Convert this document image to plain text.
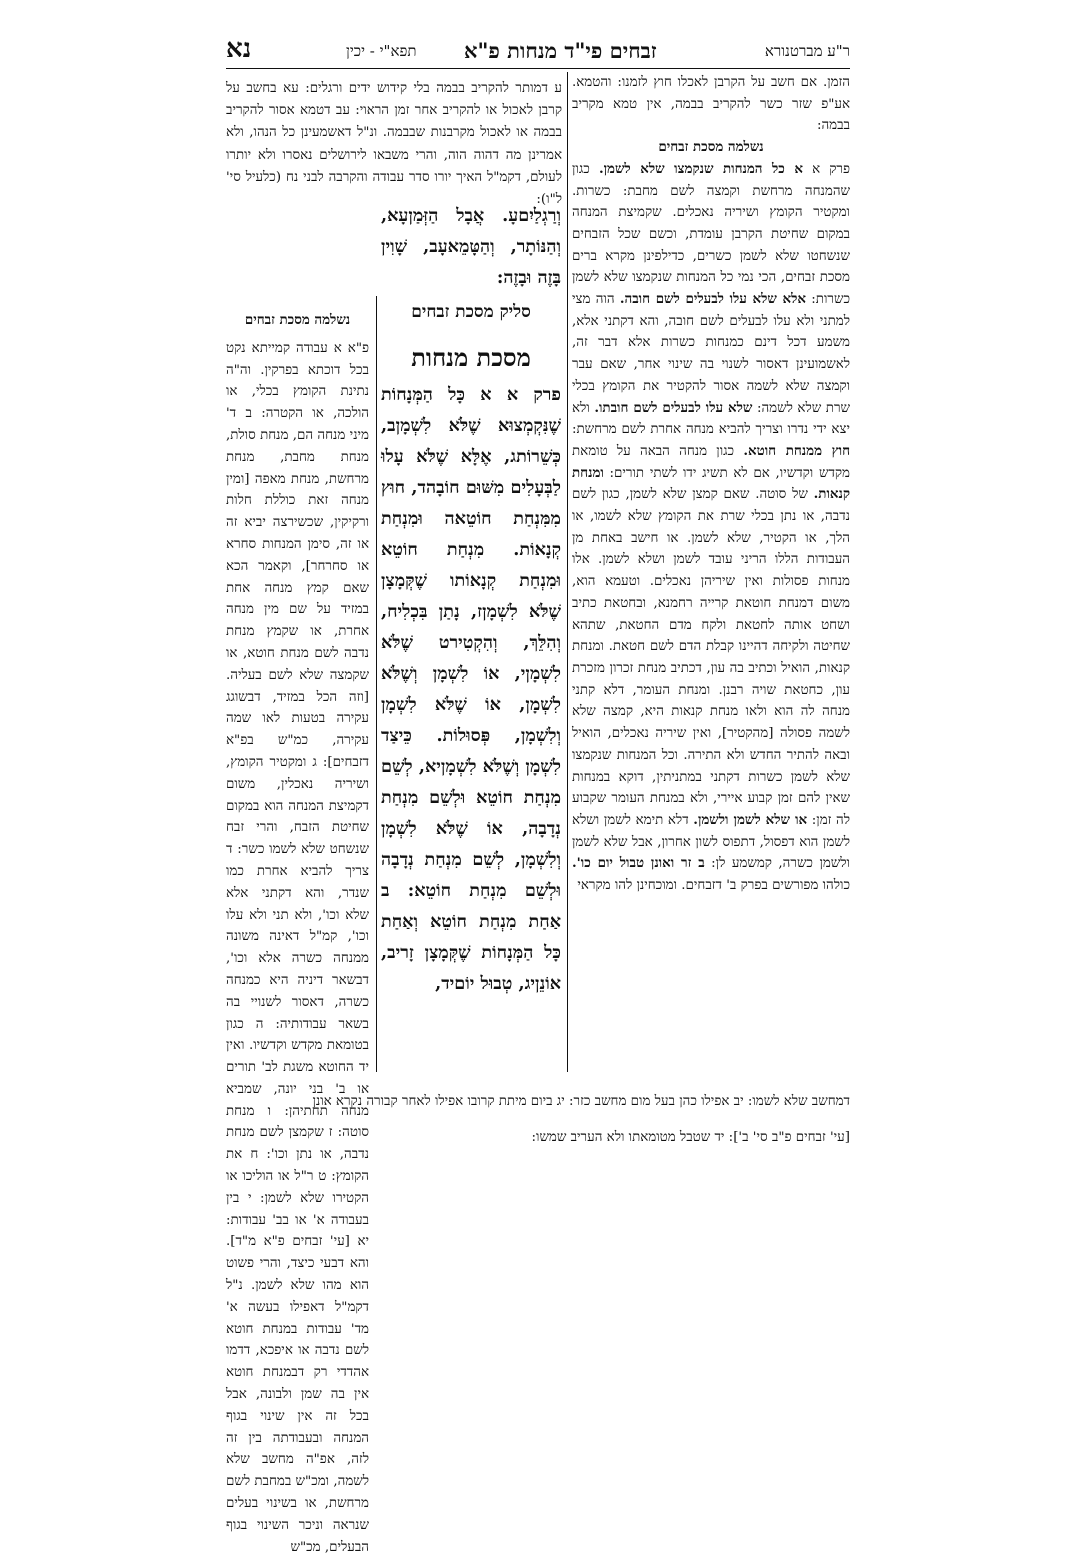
נא	תפא"י - יכין זבחים פי"ד מנחות פ"א	ר"ע מברטנורא

הזמן. אם חשב על הקרבן לאכלו חוץ לזמנו: והטמא. אע"פ שזר כשר להקריב בבמה, אין טמא מקריב בבמה:

נשלמה מסכת זבחים

פרק א א כל המנחות שנקמצו שלא לשמן. כגון שהמנחה מרחשת וקמצה לשם מחבת: כשרות. ומקטיר הקומץ ושיריה נאכלים. שקמיצת המנחה במקום שחיטת הקרבן עומדת, וכשם שכל הזבחים שנשחטו שלא לשמן כשרים, כדילפינן מקרא ברים מסכת זבחים, הכי נמי כל המנחות שנקמצו שלא לשמן כשרות: אלא שלא עלו לבעלים לשם חובה. הוה מצי למתני ולא עלו לבעלים לשם חובה, והא דקתני אלא, משמע דכל דינם כמנחות כשרות אלא דבר זה, לאשמועינן דאסור לשנוי בה שינוי אחר, שאם עבר וקמצה שלא לשמה אסור להקטיר את הקומץ בכלי שרת שלא לשמה: שלא עלו לבעלים לשם חובתו. ולא יצא ידי נדרו וצריך להביא מנחה אחרת לשם מרחשת: חוץ ממנחת חוטא. כגון מנחה הבאה על טומאת מקדש וקדשיו, אם לא תשיג ידו לשתי תורים: ומנחת קנאות. של סוטה. שאם קמצן שלא לשמן, כגון לשם נדבה, או נתן בכלי שרת את הקומץ שלא לשמו, או הלך, או הקטיר, שלא לשמן. או חישב באחת מן העבודות הללו הריני עובד לשמן ושלא לשמן. אלו מנחות פסולות ואין שיריהן נאכלים. וטעמא הוא, משום דמנחת חוטאת קרייה רחמנא, ובחטאת כתיב ושחט אותה לחטאת ולקח מדם החטאת, שתהא שחיטה ולקיחה דהיינו קבלת הדם לשם חטאת. ומנחת קנאות, הואיל וכתיב בה עון, דכתיב מנחת זכרון מזכרת עון, כחטאת שויה רבנן. ומנחת העומר, דלא קתני מנחה לה הוא ולאו מנחת קנאות היא, קמצה שלא לשמה פסולה [מהקטיר], ואין שיריה נאכלים, הואיל ובאה להתיר החדש ולא התירה. וכל המנחות שנקמצו שלא לשמן כשרות דקתני במתניתין, דוקא במנחות שאין להם זמן קבוע איירי, ולא במנחת העומר שקבוע לה זמן: או שלא לשמן ולשמן. דלא תימא לשמן ושלא לשמן הוא דפסול, דתפוס לשון אחרון, אבל שלא לשמן ולשמן כשרה, קמשמע לן: ב זר ואונן טבול יום כו'. כולהו מפורשים בפרק ב' דזבחים. ומוכחינן להו מקראי

ע דמותר להקריב בבמה בלי קידוש ידים ורגלים: עא בחשב על קרבן לאכול או להקריב אחר זמן הראוי: עב דטמא אסור להקריב בבמה או לאכול מקרבנות שבבמה. ונ"ל דאשמעינן כל הנהו, ולא אמרינן מה דהוה הוה, והרי משבאו לירושלים נאסרו ולא יותרו לעולם, דקמ"ל האיך יורו סדר עבודה והקרבה לבני נח (כלעיל סי' ל"ו):

וְרַגְלַיִםעָ. אֲבָל הַזְּמַןעָא, וְהַנּוֹתָר, וְהַטָּמֵאעָב, שָׁוִין בָּזֶה וּבָזֶה:

סליק מסכת זבחים

מסכת מנחות

פרק א א כָּל הַמְּנָחוֹת שֶׁנִּקְמְצוּא שֶׁלֹּא לִשְׁמָןב, כְּשֵׁרוֹתג, אֶלָּא שֶׁלֹּא עָלוּ לַבְּעָלִים מִשּׁוּם חוֹבָהד, חוּץ מִמִּנְחַת חוֹטֵאה וּמִנְחַת קְנָאוֹת. מִנְחַת חוֹטֵא וּמִנְחַת קְנָאוֹתו שֶׁקְּמָצָן שֶׁלֹּא לִשְׁמָןז, נָתַן בִּכְלִיח, וְהִלֵּךְ, וְהִקְטִירט שֶׁלֹּא לִשְׁמָןי, אוֹ לִשְׁמָן וְשֶׁלֹּא לִשְׁמָן, אוֹ שֶׁלֹּא לִשְׁמָן וְלִשְׁמָן, פְּסוּלוֹת. כֵּיצַד לִשְׁמָן וְשֶׁלֹּא לִשְׁמָןיא, לְשֵׁם מִנְחַת חוֹטֵא וּלְשֵׁם מִנְחַת נְדָבָה, אוֹ שֶׁלֹּא לִשְׁמָן וְלִשְׁמָן, לְשֵׁם מִנְחַת נְדָבָה וּלְשֵׁם מִנְחַת חוֹטֵא: ב אַחַת מִנְחַת חוֹטֵא וְאַחַת כָּל הַמְּנָחוֹת שֶׁקְּמָצָן זָריב, אוֹנֵןיג, טְבוּל יוֹםיד,

נשלמה מסכת זבחים

פ"א א עבודה קמייתא נקט בכל דוכתא בפרקין. וה"ה נתינת הקומץ בכלי, או הולכה, או הקטרה: ב ד' מיני מנחה הם, מנחת סולת, מנחת מחבת, מנחת מרחשת, מנחת מאפה [ומין מנחה זאת כוללת חלות ורקיקין, שכשירצה יביא זה או זה, סימן המנחות סחרא או סחרחר], וקאמר הכא שאם קמץ מנחה אחת במזיד על שם מין מנחה אחרת, או שקמץ מנחת נדבה לשם מנחת חוטא, או שקמצה שלא לשם בעליה. [וזה הכל במזיד, דבשוגג עקירה בטעות לאו שמה עקירה, כמ"ש בפ"א דזבחים]: ג ומקטיר הקומץ, ושיריה נאכלין, משום דקמיצת המנחה הוא במקום שחיטת הזבח, והרי זבח שנשחט שלא לשמו כשר: ד צריך להביא אחרת כמו שנדר, והא דקתני אלא שלא וכו', ולא תני ולא עלו וכו', קמ"ל דאינה משונה ממנחה כשרה אלא וכו', דבשאר דיניה היא כמנחה כשרה, דאסור לשנויי בה בשאר עבודותיה: ה כגון בטומאת מקדש וקדשיו. ואין יד החוטא משגת לב' תורים או ב' בני יונה, שמביא מנחה תחתיהן: ו מנחת סוטה: ז שקמצן לשם מנחת נדבה, או נתן וכו': ח את הקומץ: ט ר"ל או הוליכו או הקטירו שלא לשמן: י בין בעבודה א' או בב' עבודות: יא [עי' זבחים פ"א מ"ד]. והא דבעי כיצד, והרי פשוט הוא מהו שלא לשמן. נ"ל דקמ"ל דאפילו בעשה א' מד' עבודות במנחת חוטא לשם נדבה או איפכא, דדמו אהדדי רק דבמנחת חוטא אין בה שמן ולבונה, אבל בכל זה אין שינוי בגוף המנחה ובעבודתה בין זה לזה, אפ"ה מחשב שלא לשמה, ומכ"ש במחבת לשם מרחשת, או בשינוי בעלים שנראה וניכר השינוי בגוף הבעלים, מכ"ש

דמחשב שלא לשמו: יב אפילו כהן בעל מום מחשב כזר: יג ביום מיתת קרובו אפילו לאחר קבורה נקרא אונן

[עי' זבחים פ"ב סי' ב']: יד שטבל מטומאתו ולא העריב שמשו:
